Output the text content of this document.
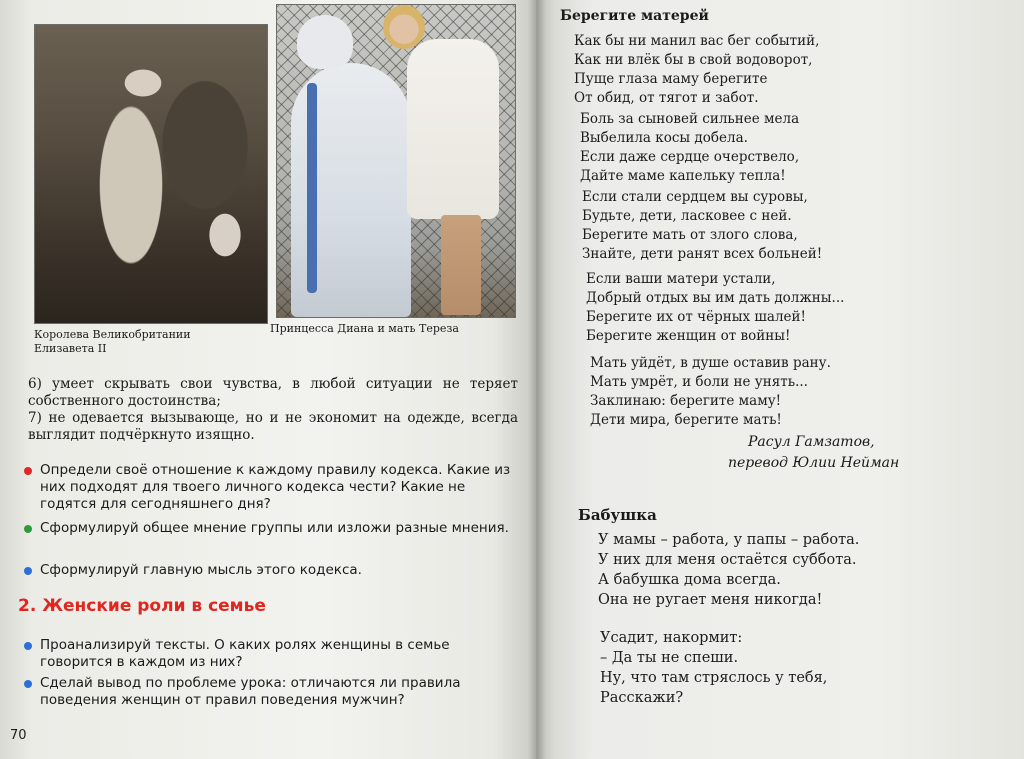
Королева Великобритании
Елизавета II

Принцесса Диана и мать Тереза

6) умеет скрывать свои чувства, в любой ситуации не теряет собственного достоинства;

7) не одевается вызывающе, но и не экономит на одежде, всегда выглядит подчёркнуто изящно.

Определи своё отношение к каждому правилу кодекса. Какие из них подходят для твоего личного кодекса чести? Какие не годятся для сегодняшнего дня?
Сформулируй общее мнение группы или изложи разные мнения.
Сформулируй главную мысль этого кодекса.
2. Женские роли в семье
Проанализируй тексты. О каких ролях женщины в семье говорится в каждом из них?
Сделай вывод по проблеме урока: отличаются ли правила поведения женщин от правил поведения мужчин?

70

Берегите матерей
Как бы ни манил вас бег событий,
Как ни влёк бы в свой водоворот,
Пуще глаза маму берегите
От обид, от тягот и забот.
Боль за сыновей сильнее мела
Выбелила косы добела.
Если даже сердце очерствело,
Дайте маме капельку тепла!
Если стали сердцем вы суровы,
Будьте, дети, ласковее с ней.
Берегите мать от злого слова,
Знайте, дети ранят всех больней!
Если ваши матери устали,
Добрый отдых вы им дать должны...
Берегите их от чёрных шалей!
Берегите женщин от войны!
Мать уйдёт, в душе оставив рану.
Мать умрёт, и боли не унять...
Заклинаю: берегите маму!
Дети мира, берегите мать!

Расул Гамзатов,

перевод Юлии Нейман

Бабушка
У мамы – работа, у папы – работа.
У них для меня остаётся суббота.
А бабушка дома всегда.
Она не ругает меня никогда!
Усадит, накормит:
– Да ты не спеши.
Ну, что там стряслось у тебя,
Расскажи?
